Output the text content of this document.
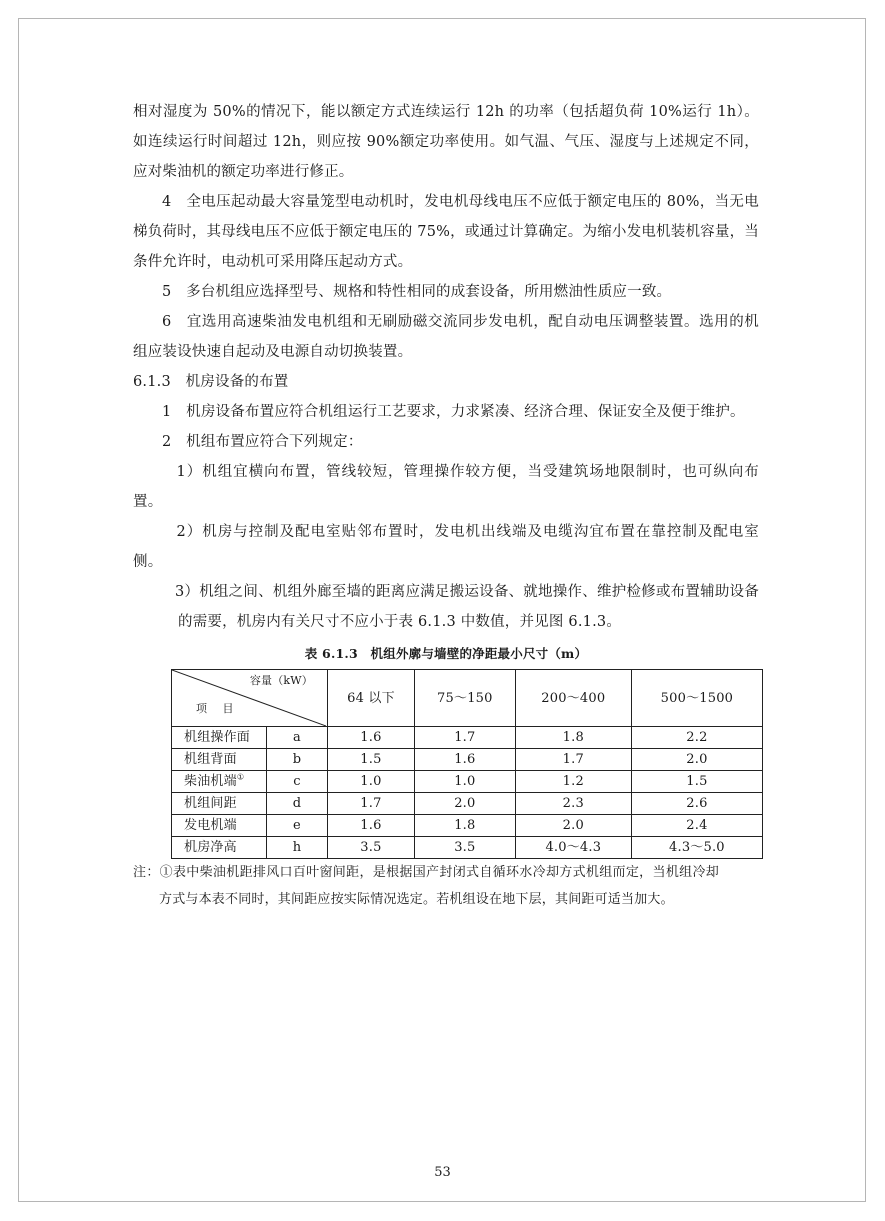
相对湿度为 50%的情况下，能以额定方式连续运行 12h 的功率（包括超负荷 10%运行 1h）。如连续运行时间超过 12h，则应按 90%额定功率使用。如气温、气压、湿度与上述规定不同，应对柴油机的额定功率进行修正。

4　全电压起动最大容量笼型电动机时，发电机母线电压不应低于额定电压的 80%，当无电梯负荷时，其母线电压不应低于额定电压的 75%，或通过计算确定。为缩小发电机装机容量，当条件允许时，电动机可采用降压起动方式。

5　多台机组应选择型号、规格和特性相同的成套设备，所用燃油性质应一致。

6　宜选用高速柴油发电机组和无刷励磁交流同步发电机，配自动电压调整装置。选用的机组应装设快速自起动及电源自动切换装置。

6.1.3　机房设备的布置

1　机房设备布置应符合机组运行工艺要求，力求紧凑、经济合理、保证安全及便于维护。

2　机组布置应符合下列规定：

1）机组宜横向布置，管线较短，管理操作较方便，当受建筑场地限制时，也可纵向布置。

2）机房与控制及配电室贴邻布置时，发电机出线端及电缆沟宜布置在靠控制及配电室侧。

3）机组之间、机组外廊至墙的距离应满足搬运设备、就地操作、维护检修或布置辅助设备的需要，机房内有关尺寸不应小于表 6.1.3 中数值，并见图 6.1.3。

表 6.1.3　机组外廓与墙壁的净距最小尺寸（m）
容量（kW）
项 目		64 以下	75～150	200～400	500～1500
机组操作面	a	1.6	1.7	1.8	2.2
机组背面	b	1.5	1.6	1.7	2.0
柴油机端①	c	1.0	1.0	1.2	1.5
机组间距	d	1.7	2.0	2.3	2.6
发电机端	e	1.6	1.8	2.0	2.4
机房净高	h	3.5	3.5	4.0～4.3	4.3～5.0

注：①表中柴油机距排风口百叶窗间距，是根据国产封闭式自循环水冷却方式机组而定，当机组冷却方式与本表不同时，其间距应按实际情况选定。若机组设在地下层，其间距可适当加大。

53
